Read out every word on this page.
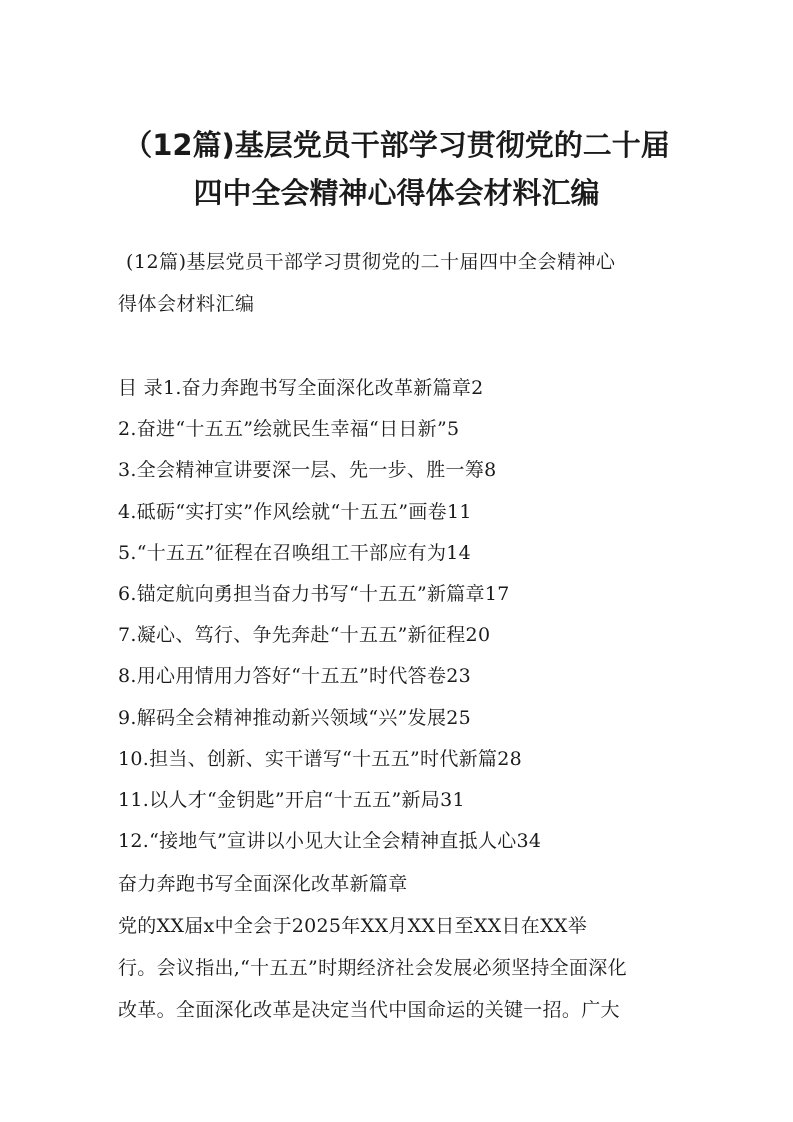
（12篇)基层党员干部学习贯彻党的二十届
四中全会精神心得体会材料汇编
(12篇)基层党员干部学习贯彻党的二十届四中全会精神心
得体会材料汇编
目 录1.奋力奔跑书写全面深化改革新篇章2
2.奋进“十五五”绘就民生幸福“日日新”5
3.全会精神宣讲要深一层、先一步、胜一筹8
4.砥砺“实打实”作风绘就“十五五”画卷11
5.“十五五”征程在召唤组工干部应有为14
6.锚定航向勇担当奋力书写“十五五”新篇章17
7.凝心、笃行、争先奔赴“十五五”新征程20
8.用心用情用力答好“十五五”时代答卷23
9.解码全会精神推动新兴领域“兴”发展25
10.担当、创新、实干谱写“十五五”时代新篇28
11.以人才“金钥匙”开启“十五五”新局31
12.“接地气”宣讲以小见大让全会精神直抵人心34
奋力奔跑书写全面深化改革新篇章
党的XX届x中全会于2025年XX月XX日至XX日在XX举
行。会议指出,“十五五”时期经济社会发展必须坚持全面深化
改革。全面深化改革是决定当代中国命运的关键一招。广大
